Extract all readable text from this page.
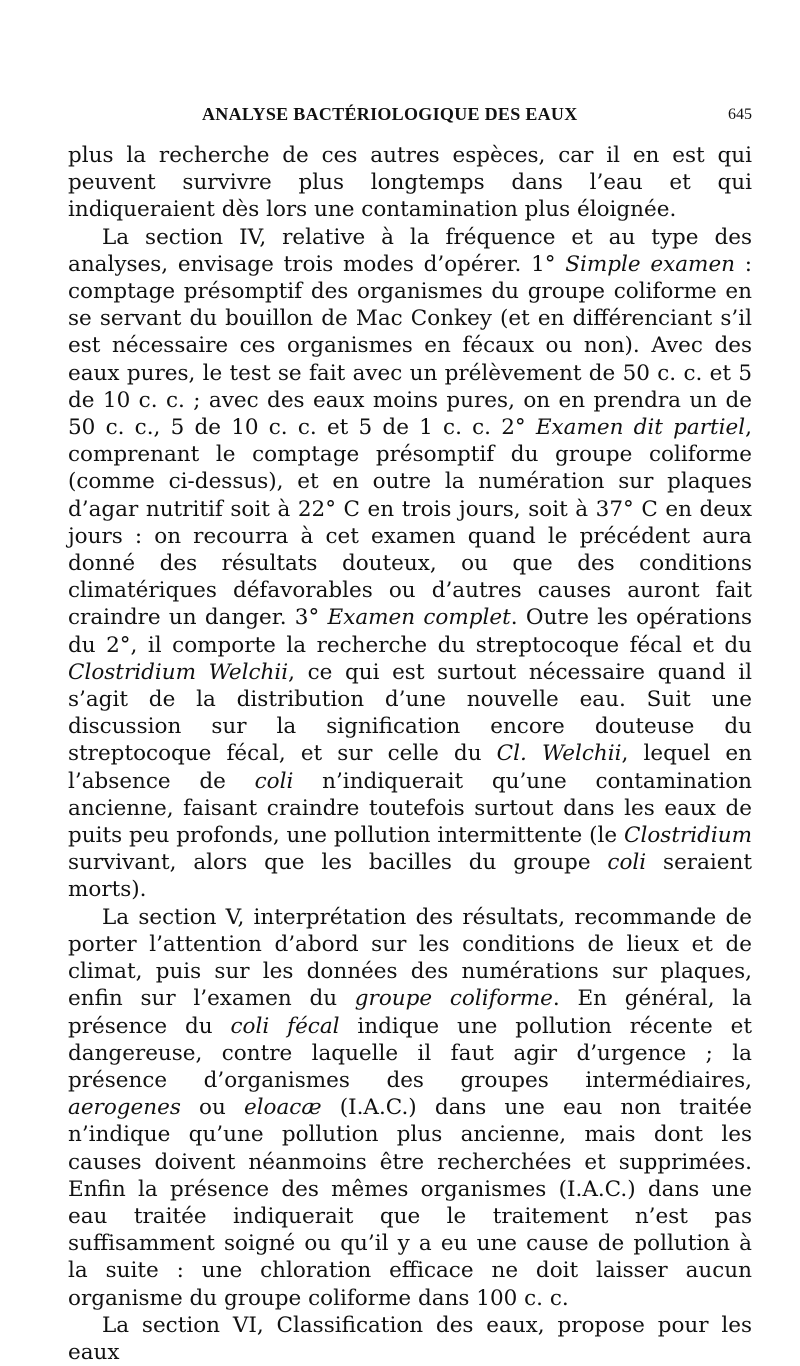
ANALYSE BACTÉRIOLOGIQUE DES EAUX	645

plus la recherche de ces autres espèces, car il en est qui peuvent survivre plus longtemps dans l’eau et qui indiqueraient dès lors une contamination plus éloignée.

La section IV, relative à la fréquence et au type des analyses, envisage trois modes d’opérer. 1° Simple examen : comptage présomptif des organismes du groupe coliforme en se servant du bouillon de Mac Conkey (et en différenciant s’il est nécessaire ces organismes en fécaux ou non). Avec des eaux pures, le test se fait avec un prélèvement de 50 c. c. et 5 de 10 c. c. ; avec des eaux moins pures, on en prendra un de 50 c. c., 5 de 10 c. c. et 5 de 1 c. c. 2° Examen dit partiel, comprenant le comptage présomptif du groupe coliforme (comme ci-dessus), et en outre la numération sur plaques d’agar nutritif soit à 22° C en trois jours, soit à 37° C en deux jours : on recourra à cet examen quand le précédent aura donné des résultats douteux, ou que des conditions climatériques défavorables ou d’autres causes auront fait craindre un danger. 3° Examen complet. Outre les opérations du 2°, il comporte la recherche du streptocoque fécal et du Clostridium Welchii, ce qui est surtout nécessaire quand il s’agit de la distribution d’une nouvelle eau. Suit une discussion sur la signification encore douteuse du streptocoque fécal, et sur celle du Cl. Welchii, lequel en l’absence de coli n’indiquerait qu’une contamination ancienne, faisant craindre toutefois surtout dans les eaux de puits peu profonds, une pollution intermittente (le Clostridium survivant, alors que les bacilles du groupe coli seraient morts).

La section V, interprétation des résultats, recommande de porter l’attention d’abord sur les conditions de lieux et de climat, puis sur les données des numérations sur plaques, enfin sur l’examen du groupe coliforme. En général, la présence du coli fécal indique une pollution récente et dangereuse, contre laquelle il faut agir d’urgence ; la présence d’organismes des groupes intermédiaires, aerogenes ou eloacæ (I.A.C.) dans une eau non traitée n’indique qu’une pollution plus ancienne, mais dont les causes doivent néanmoins être recherchées et supprimées. Enfin la présence des mêmes organismes (I.A.C.) dans une eau traitée indiquerait que le traitement n’est pas suffisamment soigné ou qu’il y a eu une cause de pollution à la suite : une chloration efficace ne doit laisser aucun organisme du groupe coliforme dans 100 c. c.

La section VI, Classification des eaux, propose pour les eaux
